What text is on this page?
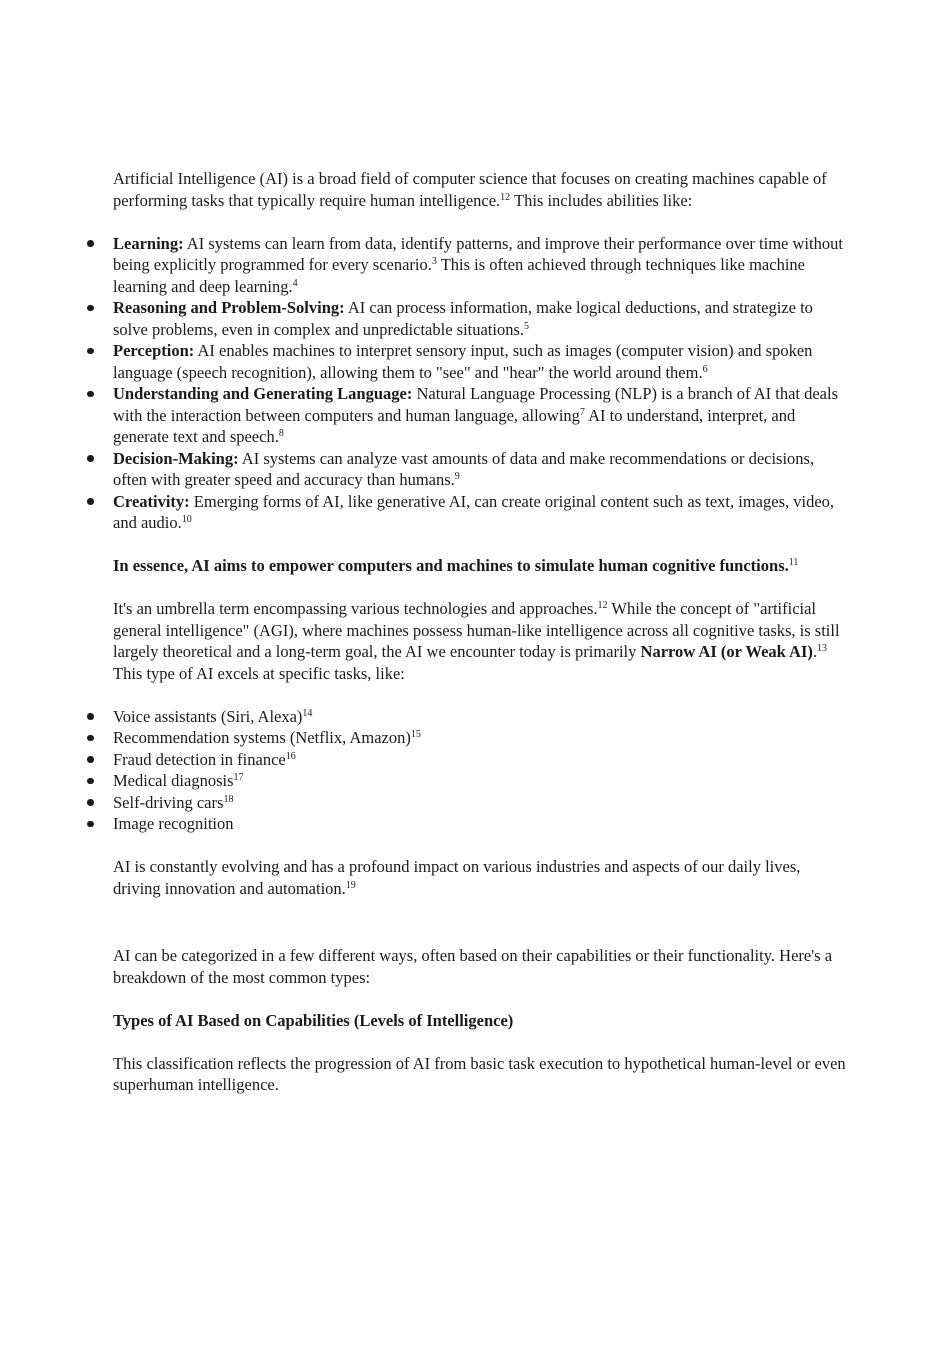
Artificial Intelligence (AI) is a broad field of computer science that focuses on creating machines capable of performing tasks that typically require human intelligence.$^{12}$ This includes abilities like:

Learning: AI systems can learn from data, identify patterns, and improve their performance over time without being explicitly programmed for every scenario.$^3$ This is often achieved through techniques like machine learning and deep learning.$^4$
Reasoning and Problem-Solving: AI can process information, make logical deductions, and strategize to solve problems, even in complex and unpredictable situations.$^5$
Perception: AI enables machines to interpret sensory input, such as images (computer vision) and spoken language (speech recognition), allowing them to "see" and "hear" the world around them.$^6$
Understanding and Generating Language: Natural Language Processing (NLP) is a branch of AI that deals with the interaction between computers and human language, allowing$^7$ AI to understand, interpret, and generate text and speech.$^8$
Decision-Making: AI systems can analyze vast amounts of data and make recommendations or decisions, often with greater speed and accuracy than humans.$^9$
Creativity: Emerging forms of AI, like generative AI, can create original content such as text, images, video, and audio.$^{10}$

In essence, AI aims to empower computers and machines to simulate human cognitive functions.$^{11}$

It's an umbrella term encompassing various technologies and approaches.$^{12}$ While the concept of "artificial general intelligence" (AGI), where machines possess human-like intelligence across all cognitive tasks, is still largely theoretical and a long-term goal, the AI we encounter today is primarily Narrow AI (or Weak AI).$^{13}$ This type of AI excels at specific tasks, like:

Voice assistants (Siri, Alexa)$^{14}$
Recommendation systems (Netflix, Amazon)$^{15}$
Fraud detection in finance$^{16}$
Medical diagnosis$^{17}$
Self-driving cars$^{18}$
Image recognition

AI is constantly evolving and has a profound impact on various industries and aspects of our daily lives, driving innovation and automation.$^{19}$

AI can be categorized in a few different ways, often based on their capabilities or their functionality. Here's a breakdown of the most common types:

Types of AI Based on Capabilities (Levels of Intelligence)

This classification reflects the progression of AI from basic task execution to hypothetical human-level or even superhuman intelligence.
